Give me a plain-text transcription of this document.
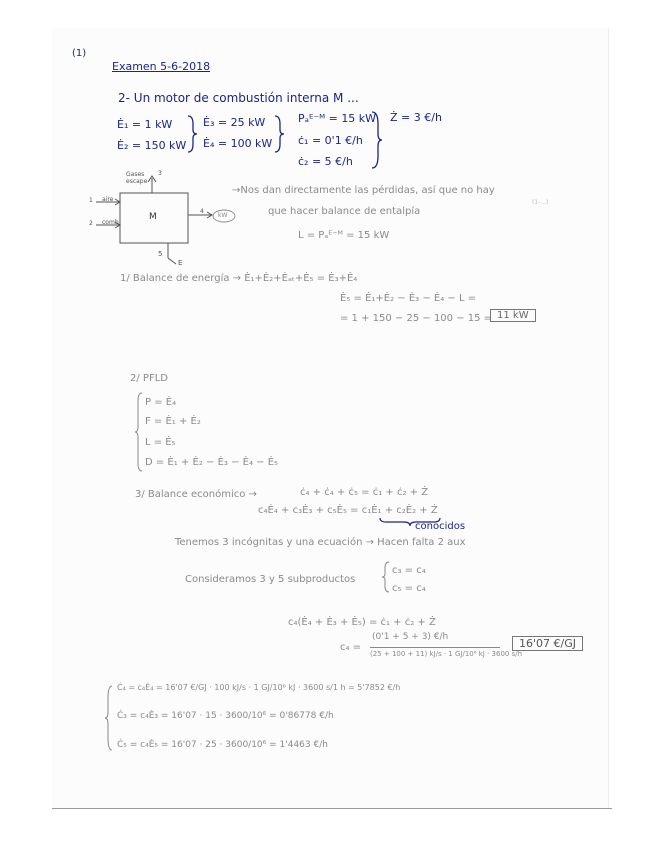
(1)
Examen 5-6-2018
2- Un motor de combustión interna M ...
Ė₁ = 1 kW
Ė₂ = 150 kW
Ė₃ = 25 kW
Ė₄ = 100 kW
Pₐᴱ⁻ᴹ = 15 kW
ċ₁ = 0'1 €/h
ċ₂ = 5 €/h
Ż = 3 €/h
M
Gases escape
3
1 aire
2 comb
4
kW
5
E
→Nos dan directamente las pérdidas, así que no hay
que hacer balance de entalpía
L = Pₐᴱ⁻ᴹ = 15 kW
(1-...)
1/ Balance de energía → Ė₁+Ė₂+Ėₐₜ+Ė₅ = Ė₃+Ė₄
Ė₅ = Ė₁+Ė₂ − Ė₃ − Ė₄ − L =
= 1 + 150 − 25 − 100 − 15 = 11 kW
2/ PFLD
P = Ė₄
F = Ė₁ + Ė₂
L = Ė₅
D = Ė₁ + Ė₂ − Ė₃ − Ė₄ − Ė₅
3/ Balance económico →	ċ₄ + ċ₄ + ċ₅ = ċ₁ + ċ₂ + Ż
c₄Ė₄ + c₃Ė₃ + c₅Ė₅ = c₁Ė₁ + c₂Ė₂ + Ż
conocidos
Tenemos 3 incógnitas y una ecuación → Hacen falta 2 aux
Consideramos 3 y 5 subproductos
c₃ = c₄
c₅ = c₄
c₄(Ė₄ + Ė₃ + Ė₅) = ċ₁ + ċ₂ + Ż
c₄ =
(0'1 + 5 + 3) €/h
(25 + 100 + 11) kJ/s · 1 GJ/10⁶ kJ · 3600 s/h
16'07 €/GJ
Ċ₄ = c₄Ė₄ = 16'07 €/GJ · 100 kJ/s · 1 GJ/10⁶ kJ · 3600 s/1 h = 5'7852 €/h
Ċ₃ = c₄Ė₃ = 16'07 · 15 · 3600/10⁶ = 0'86778 €/h
Ċ₅ = c₄Ė₅ = 16'07 · 25 · 3600/10⁶ = 1'4463 €/h
